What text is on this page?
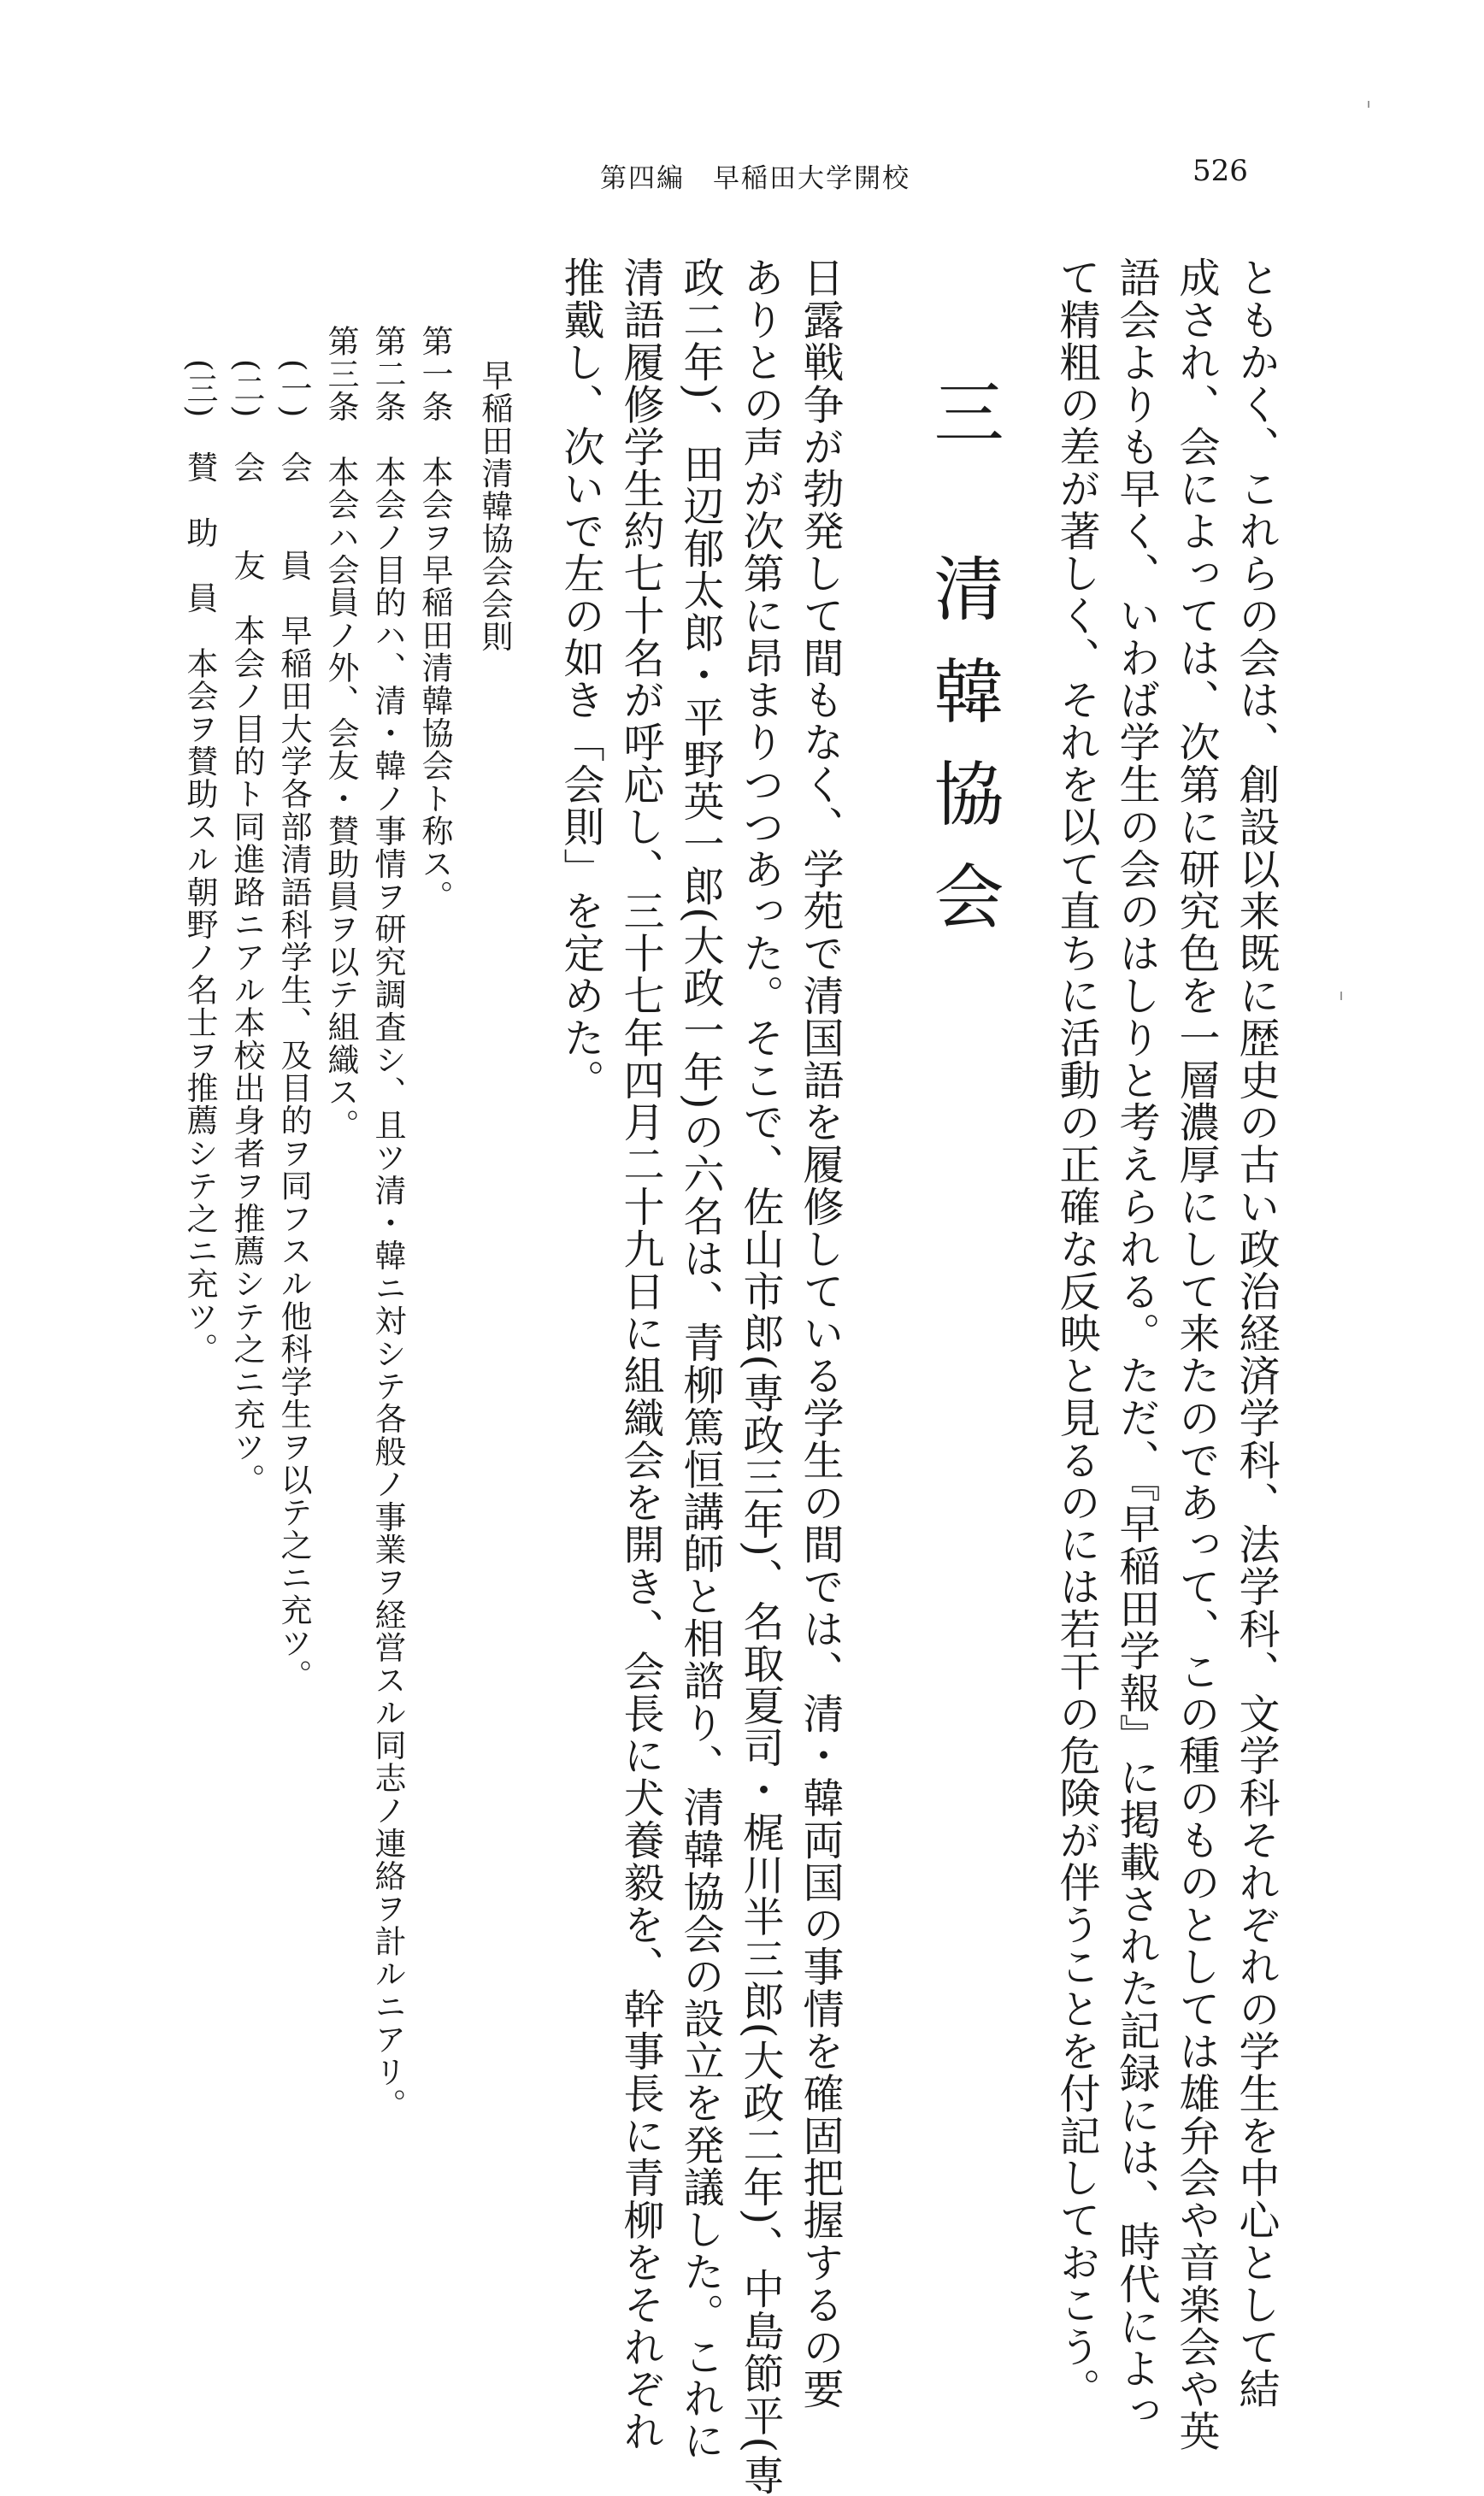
第四編　早稲田大学開校	526
ともかく、これらの会は、創設以来既に歴史の古い政治経済学科、法学科、文学科それぞれの学生を中心として結
成され、会によっては、次第に研究色を一層濃厚にして来たのであって、この種のものとしては雄弁会や音楽会や英
語会よりも早く、いわば学生の会のはしりと考えられる。ただ、『早稲田学報』に掲載された記録には、時代によっ
て精粗の差が著しく、それを以て直ちに活動の正確な反映と見るのには若干の危険が伴うことを付記しておこう。
三清韓協会
日露戦争が勃発して間もなく、学苑で清国語を履修している学生の間では、清・韓両国の事情を確固把握するの要
ありとの声が次第に昂まりつつあった。そこで、佐山市郎(専政三年)、名取夏司・梶川半三郎(大政二年)、中島節平(専
政二年)、田辺郁太郎・平野英一郎(大政一年)の六名は、青柳篤恒講師と相諮り、清韓協会の設立を発議した。これに
清語履修学生約七十名が呼応し、三十七年四月二十九日に組織会を開き、会長に犬養毅を、幹事長に青柳をそれぞれ
推戴し、次いで左の如き「会則」を定めた。
早稲田清韓協会会則
第一条　本会ヲ早稲田清韓協会ト称ス。
第二条　本会ノ目的ハ、清・韓ノ事情ヲ研究調査シ、且ツ清・韓ニ対シテ各般ノ事業ヲ経営スル同志ノ連絡ヲ計ルニアリ。
第三条　本会ハ会員ノ外、会友・賛助員ヲ以テ組織ス。
(一)　会　　員　早稲田大学各部清語科学生、及目的ヲ同フスル他科学生ヲ以テ之ニ充ツ。
(二)　会　　友　本会ノ目的ト同進路ニアル本校出身者ヲ推薦シテ之ニ充ツ。
(三)　賛　助　員　本会ヲ賛助スル朝野ノ名士ヲ推薦シテ之ニ充ツ。
